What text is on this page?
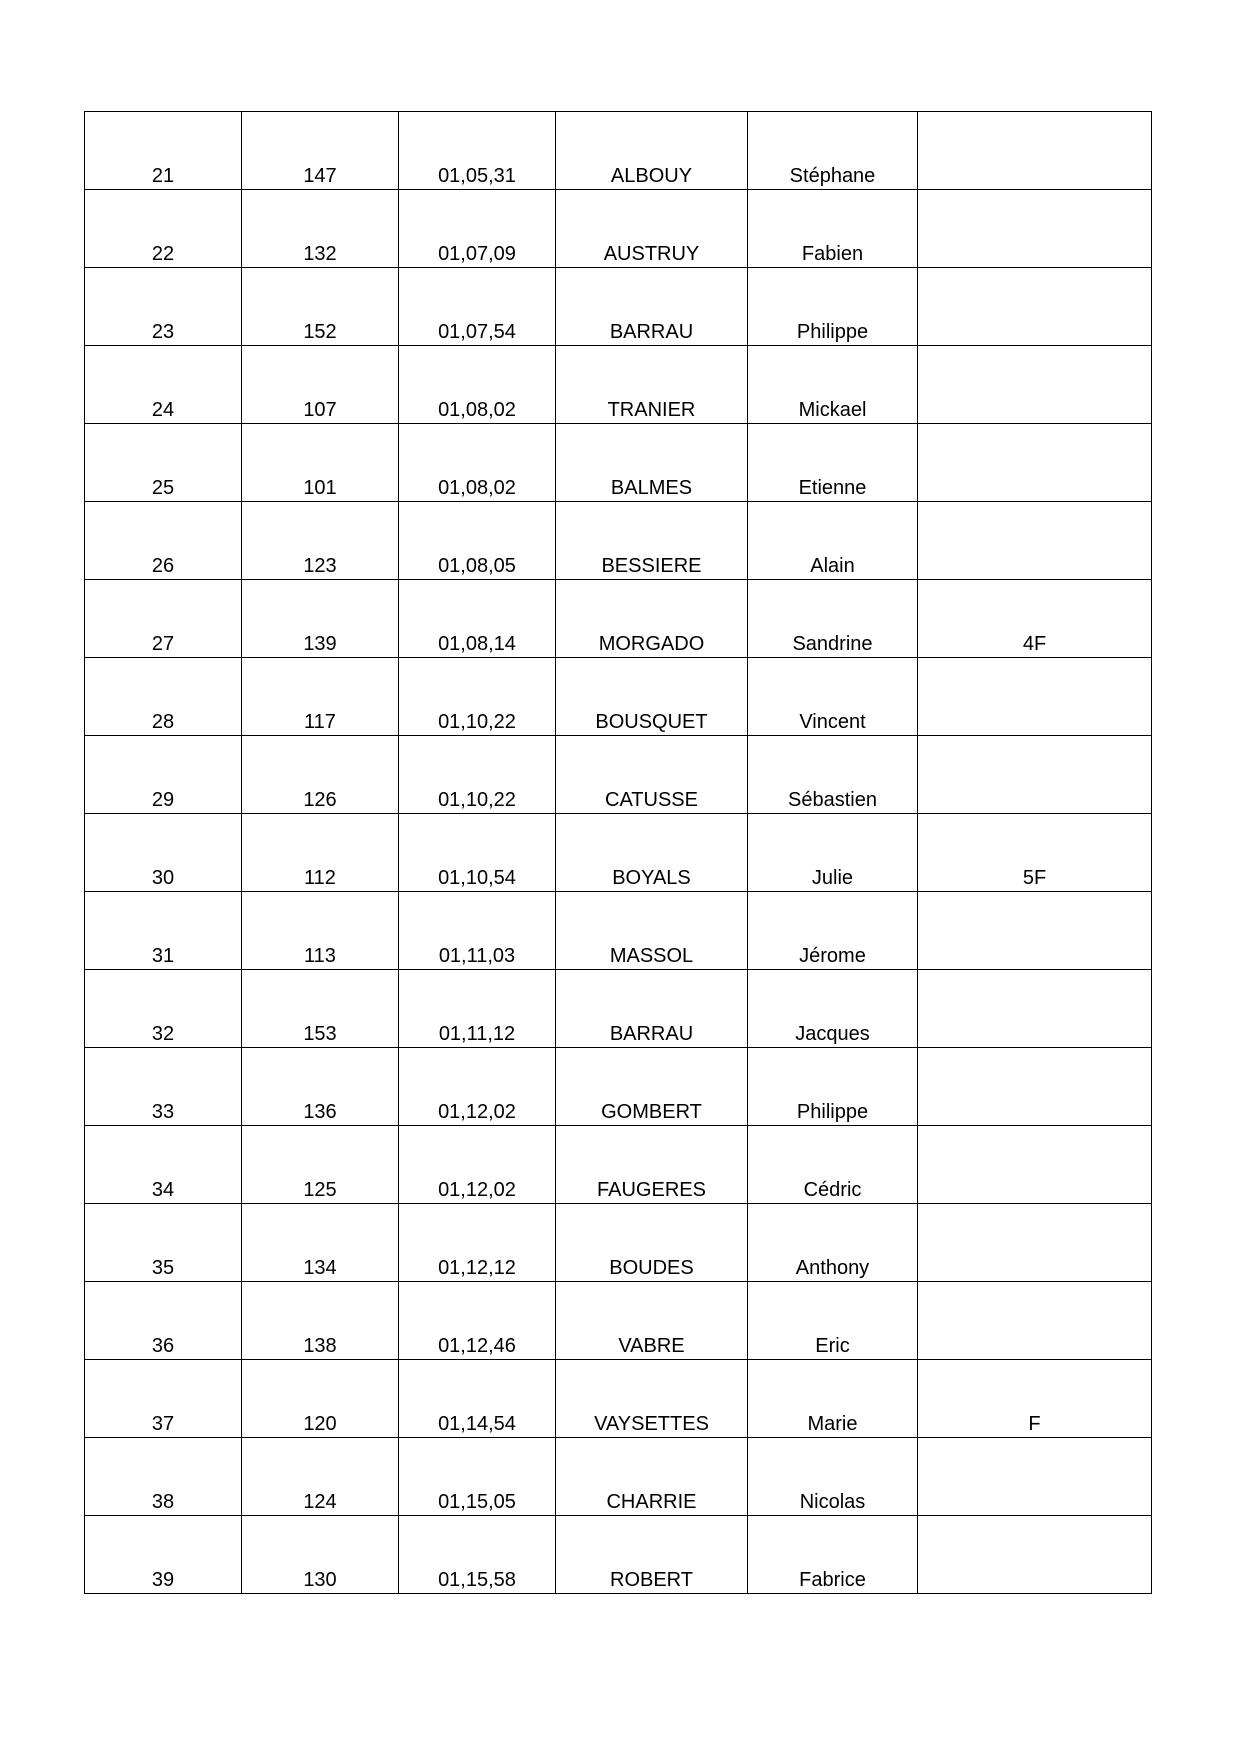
21	147	01,05,31	ALBOUY	Stéphane	
22	132	01,07,09	AUSTRUY	Fabien	
23	152	01,07,54	BARRAU	Philippe	
24	107	01,08,02	TRANIER	Mickael	
25	101	01,08,02	BALMES	Etienne	
26	123	01,08,05	BESSIERE	Alain	
27	139	01,08,14	MORGADO	Sandrine	4F
28	117	01,10,22	BOUSQUET	Vincent	
29	126	01,10,22	CATUSSE	Sébastien	
30	112	01,10,54	BOYALS	Julie	5F
31	113	01,11,03	MASSOL	Jérome	
32	153	01,11,12	BARRAU	Jacques	
33	136	01,12,02	GOMBERT	Philippe	
34	125	01,12,02	FAUGERES	Cédric	
35	134	01,12,12	BOUDES	Anthony	
36	138	01,12,46	VABRE	Eric	
37	120	01,14,54	VAYSETTES	Marie	F
38	124	01,15,05	CHARRIE	Nicolas	
39	130	01,15,58	ROBERT	Fabrice	
